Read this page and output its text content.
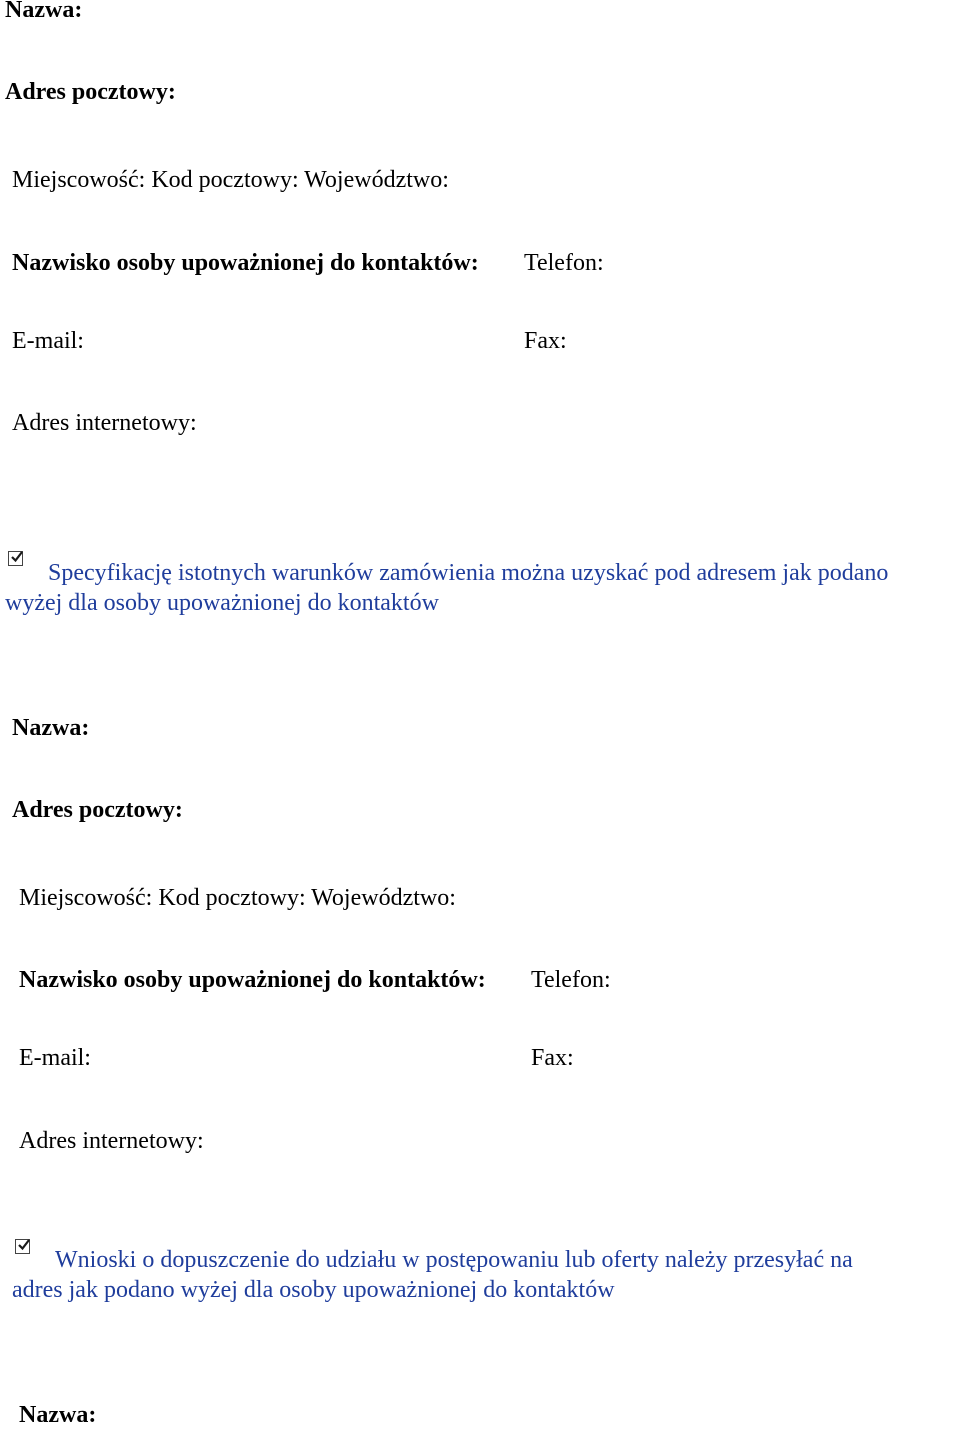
Nazwa:
Adres pocztowy:
Miejscowość: Kod pocztowy: Województwo:
Nazwisko osoby upoważnionej do kontaktów: Telefon:
E-mail:	Fax:
Adres internetowy:
Specyfikację istotnych warunków zamówienia można uzyskać pod adresem jak podano
wyżej dla osoby upoważnionej do kontaktów
Nazwa:
Adres pocztowy:
Miejscowość: Kod pocztowy: Województwo:
Nazwisko osoby upoważnionej do kontaktów: Telefon:
E-mail:	Fax:
Adres internetowy:
Wnioski o dopuszczenie do udziału w postępowaniu lub oferty należy przesyłać na
adres jak podano wyżej dla osoby upoważnionej do kontaktów
Nazwa:
